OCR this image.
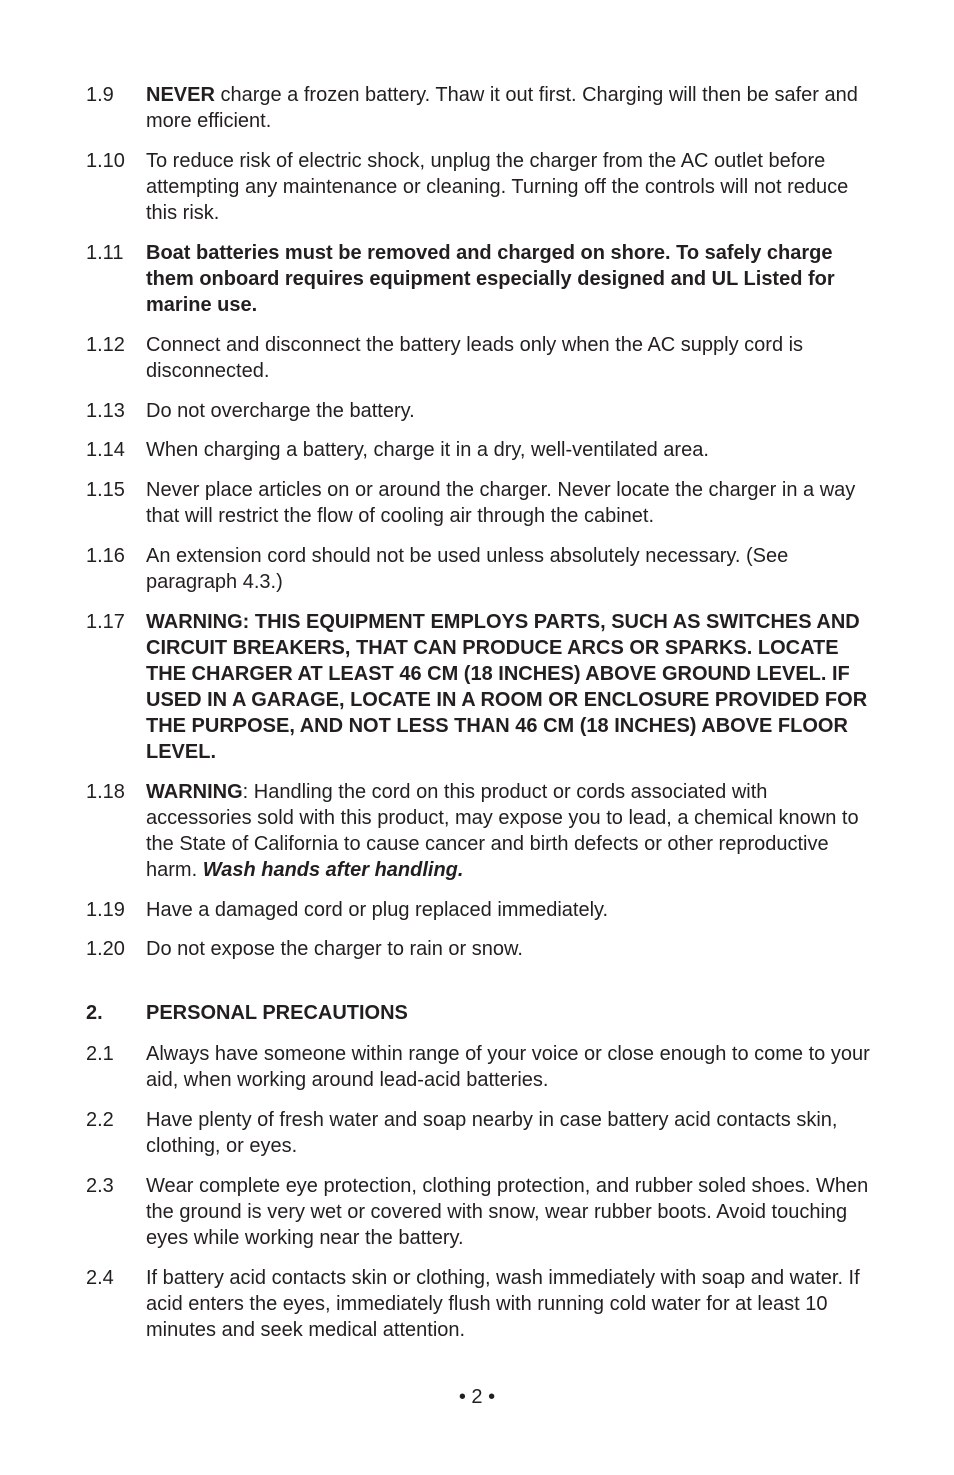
1.9	NEVER charge a frozen battery. Thaw it out first. Charging will then be safer and more efficient.
1.10	To reduce risk of electric shock, unplug the charger from the AC outlet before attempting any maintenance or cleaning. Turning off the controls will not reduce this risk.
1.11	Boat batteries must be removed and charged on shore. To safely charge them onboard requires equipment especially designed and UL Listed for marine use.
1.12	Connect and disconnect the battery leads only when the AC supply cord is disconnected.
1.13	Do not overcharge the battery.
1.14	When charging a battery, charge it in a dry, well-ventilated area.
1.15	Never place articles on or around the charger. Never locate the charger in a way that will restrict the flow of cooling air through the cabinet.
1.16	An extension cord should not be used unless absolutely necessary. (See paragraph 4.3.)
1.17	WARNING: THIS EQUIPMENT EMPLOYS PARTS, SUCH AS SWITCHES AND CIRCUIT BREAKERS, THAT CAN PRODUCE ARCS OR SPARKS. LOCATE THE CHARGER AT LEAST 46 CM (18 INCHES) ABOVE GROUND LEVEL. IF USED IN A GARAGE, LOCATE IN A ROOM OR ENCLOSURE PROVIDED FOR THE PURPOSE, AND NOT LESS THAN 46 CM (18 INCHES) ABOVE FLOOR LEVEL.
1.18	WARNING: Handling the cord on this product or cords associated with accessories sold with this product, may expose you to lead, a chemical known to the State of California to cause cancer and birth defects or other reproductive harm. Wash hands after handling.
1.19	Have a damaged cord or plug replaced immediately.
1.20	Do not expose the charger to rain or snow.
2.	PERSONAL PRECAUTIONS
2.1	Always have someone within range of your voice or close enough to come to your aid, when working around lead-acid batteries.
2.2	Have plenty of fresh water and soap nearby in case battery acid contacts skin, clothing, or eyes.
2.3	Wear complete eye protection, clothing protection, and rubber soled shoes. When the ground is very wet or covered with snow, wear rubber boots. Avoid touching eyes while working near the battery.
2.4	If battery acid contacts skin or clothing, wash immediately with soap and water. If acid enters the eyes, immediately flush with running cold water for at least 10 minutes and seek medical attention.
• 2 •
